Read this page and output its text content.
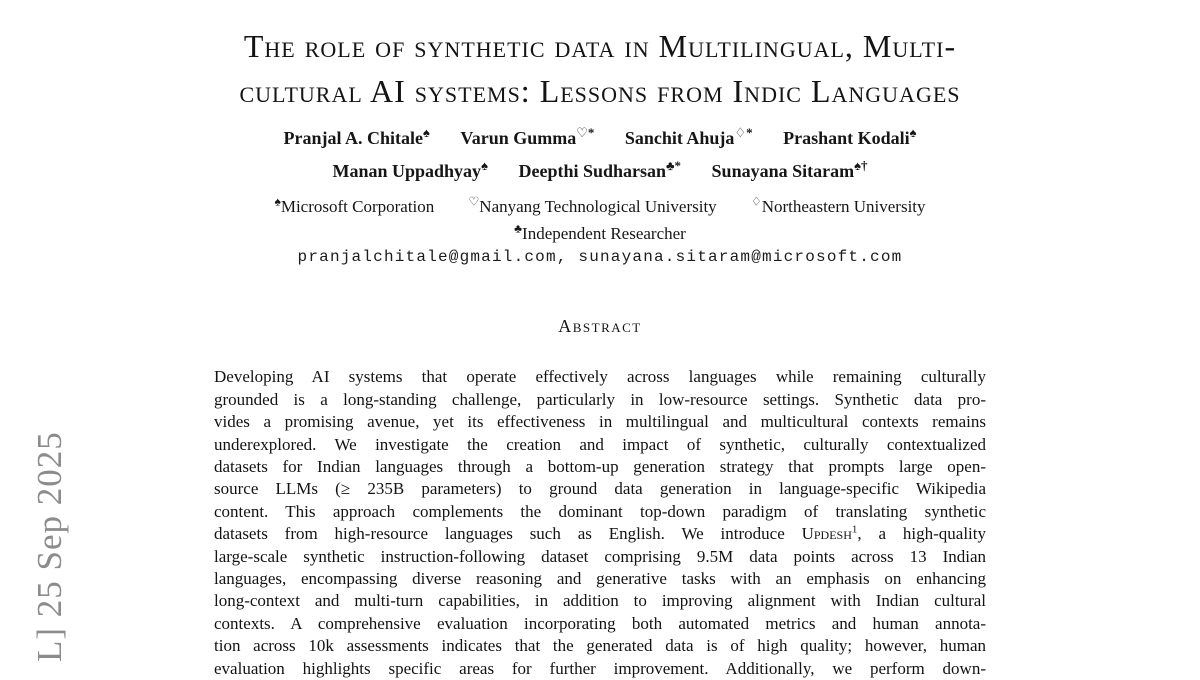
L] 25 Sep 2025
The role of synthetic data in Multilingual, Multi-
cultural AI systems: Lessons from Indic Languages
Pranjal A. Chitale♠ Varun Gumma♡* Sanchit Ahuja♢* Prashant Kodali♠
Manan Uppadhyay♠ Deepthi Sudharsan♣* Sunayana Sitaram♠†
♠Microsoft Corporation	♡Nanyang Technological University	♢Northeastern University
♣Independent Researcher
pranjalchitale@gmail.com, sunayana.sitaram@microsoft.com
Abstract
Developing AI systems that operate effectively across languages while remaining culturally
grounded is a long-standing challenge, particularly in low-resource settings. Synthetic data pro-
vides a promising avenue, yet its effectiveness in multilingual and multicultural contexts remains
underexplored. We investigate the creation and impact of synthetic, culturally contextualized
datasets for Indian languages through a bottom-up generation strategy that prompts large open-
source LLMs (≥ 235B parameters) to ground data generation in language-specific Wikipedia
content. This approach complements the dominant top-down paradigm of translating synthetic
datasets from high-resource languages such as English. We introduce Updesh$^1$, a high-quality
large-scale synthetic instruction-following dataset comprising 9.5M data points across 13 Indian
languages, encompassing diverse reasoning and generative tasks with an emphasis on enhancing
long-context and multi-turn capabilities, in addition to improving alignment with Indian cultural
contexts. A comprehensive evaluation incorporating both automated metrics and human annota-
tion across 10k assessments indicates that the generated data is of high quality; however, human
evaluation highlights specific areas for further improvement. Additionally, we perform down-
